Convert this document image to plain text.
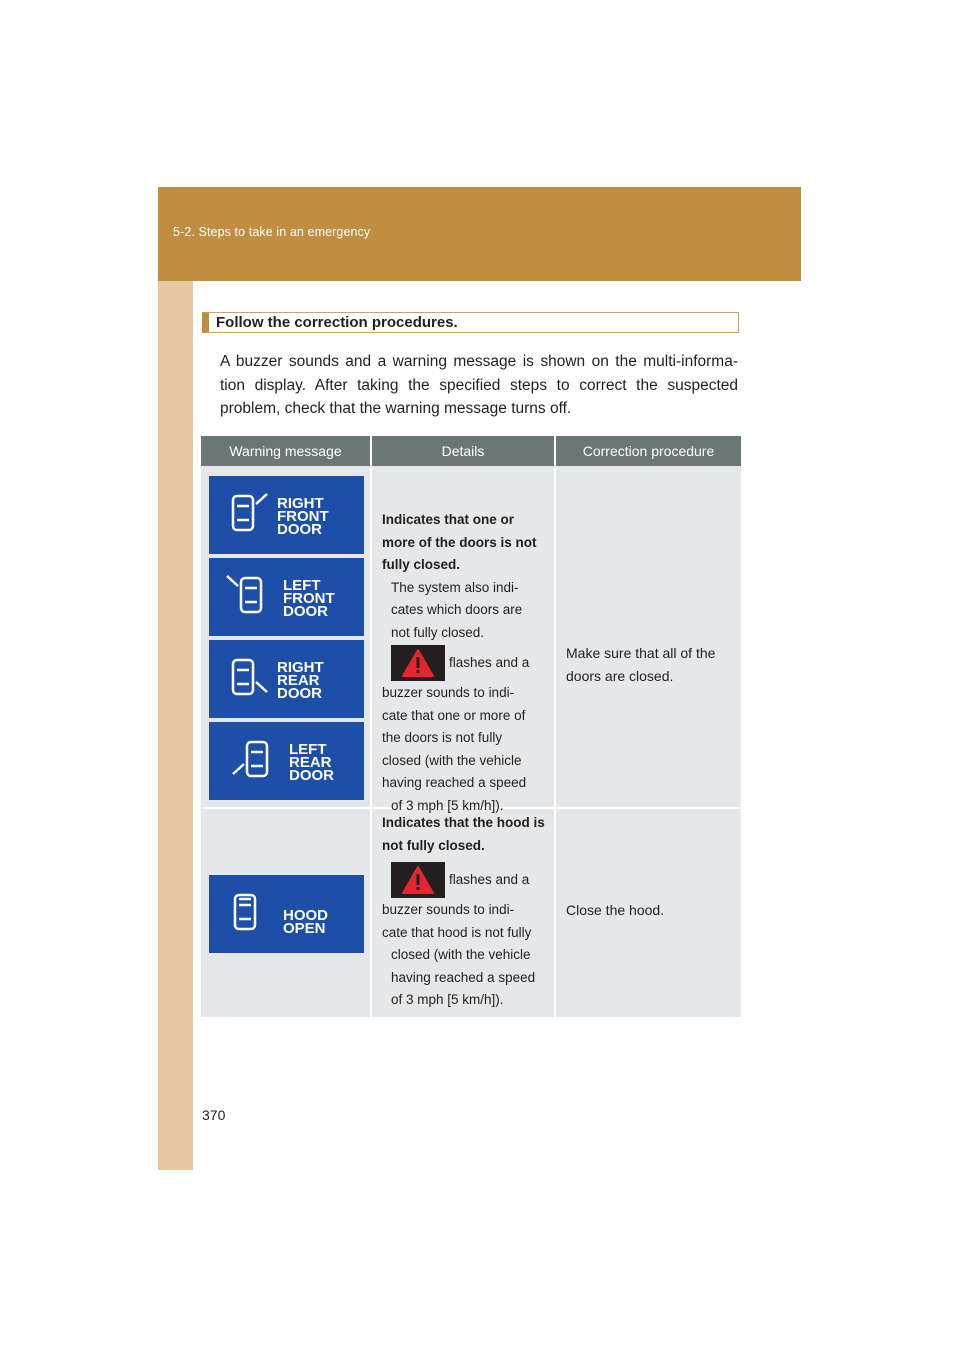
5-2. Steps to take in an emergency
Follow the correction procedures.
A buzzer sounds and a warning message is shown on the multi-informa-tion display. After taking the specified steps to correct the suspected problem, check that the warning message turns off.
Warning message	Details	Correction procedure
RIGHT
FRONT
DOOR
LEFT
FRONT
DOOR
RIGHT
REAR
DOOR
LEFT
REAR
DOOR
Indicates that one or
more of the doors is not
fully closed.
The system also indi-
cates which doors are
not fully closed.
flashes and a
buzzer sounds to indi-
cate that one or more of
the doors is not fully
closed (with the vehicle
having reached a speed
of 3 mph [5 km/h]).
Make sure that all of the
doors are closed.
HOOD
OPEN
Indicates that the hood is
not fully closed.
flashes and a
buzzer sounds to indi-
cate that hood is not fully
closed (with the vehicle
having reached a speed
of 3 mph [5 km/h]).
Close the hood.
370
